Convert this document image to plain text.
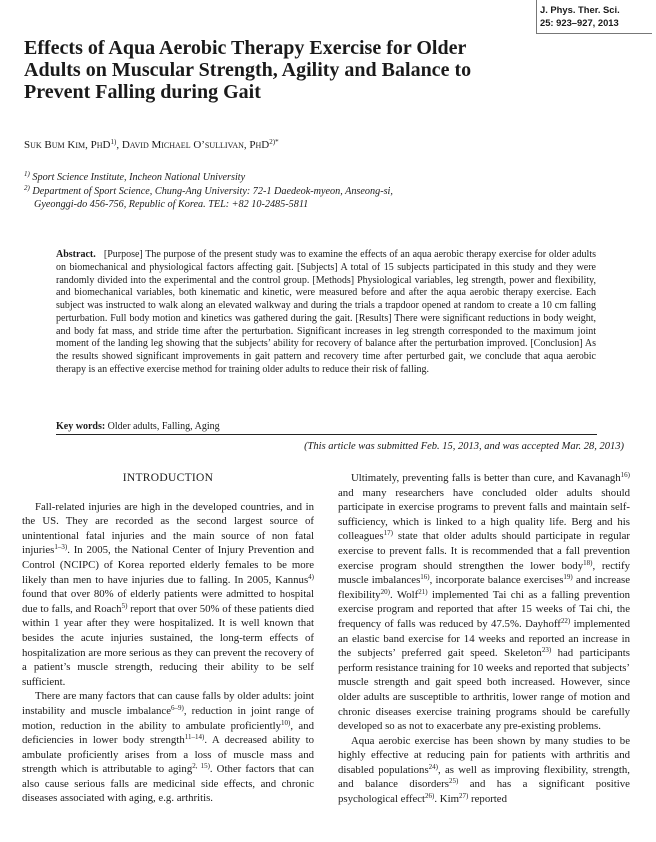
J. Phys. Ther. Sci.
25: 923–927, 2013
Effects of Aqua Aerobic Therapy Exercise for Older Adults on Muscular Strength, Agility and Balance to Prevent Falling during Gait
Suk Bum Kim, PhD$^{1)}$, David Michael O’sullivan, PhD$^{2)*}$
$^{1)}$ Sport Science Institute, Incheon National University
$^{2)}$ Department of Sport Science, Chung-Ang University: 72-1 Daedeok-myeon, Anseong-si,
Gyeonggi-do 456-756, Republic of Korea. TEL: +82 10-2485-5811
Abstract. [Purpose] The purpose of the present study was to examine the effects of an aqua aerobic therapy exercise for older adults on biomechanical and physiological factors affecting gait. [Subjects] A total of 15 subjects participated in this study and they were randomly divided into the experimental and the control group. [Methods] Physiological variables, leg strength, power and flexibility, and biomechanical variables, both kinematic and kinetic, were measured before and after the aqua aerobic therapy exercise. Each subject was instructed to walk along an elevated walkway and during the trials a trapdoor opened at random to create a 10 cm falling perturbation. Full body motion and kinetics was gathered during the gait. [Results] There were significant reductions in body weight, and body fat mass, and stride time after the perturbation. Significant increases in leg strength corresponded to the maximum joint moment of the landing leg showing that the subjects’ ability for recovery of balance after the perturbation improved. [Conclusion] As the results showed significant improvements in gait pattern and recovery time after perturbed gait, we conclude that aqua aerobic therapy is an effective exercise method for training older adults to reduce their risk of falling.
Key words: Older adults, Falling, Aging
(This article was submitted Feb. 15, 2013, and was accepted Mar. 28, 2013)
INTRODUCTION

Fall-related injuries are high in the developed countries, and in the US. They are recorded as the second largest source of unintentional fatal injuries and the main source of non fatal injuries$^{1-3)}$. In 2005, the National Center of Injury Prevention and Control (NCIPC) of Korea reported elderly females to be more likely than men to have injuries due to falling. In 2005, Kannus$^{4)}$ found that over 80% of elderly patients were admitted to hospital due to falls, and Roach$^{5)}$ report that over 50% of these patients died within 1 year after they were hospitalized. It is well known that besides the acute injuries sustained, the long-term effects of hospitalization are more serious as they can prevent the recovery of a patient’s muscle strength, reducing their ability to be self sufficient.

There are many factors that can cause falls by older adults: joint instability and muscle imbalance$^{6-9)}$, reduction in joint range of motion, reduction in the ability to ambulate proficiently$^{10)}$, and deficiencies in lower body strength$^{11-14)}$. A decreased ability to ambulate proficiently arises from a loss of muscle mass and strength which is attributable to aging$^{2, 15)}$. Other factors that can also cause serious falls are medicinal side effects, and chronic diseases associated with aging, e.g. arthritis.

Ultimately, preventing falls is better than cure, and Kavanagh$^{16)}$ and many researchers have concluded older adults should participate in exercise programs to prevent falls and maintain self-sufficiency, which is linked to a high quality life. Berg and his colleagues$^{17)}$ state that older adults should participate in regular exercise to prevent falls. It is recommended that a fall prevention exercise program should strengthen the lower body$^{18)}$, rectify muscle imbalances$^{16)}$, incorporate balance exercises$^{19)}$ and increase flexibility$^{20)}$. Wolf$^{21)}$ implemented Tai chi as a falling prevention exercise program and reported that after 15 weeks of Tai chi, the frequency of falls was reduced by 47.5%. Dayhoff$^{22)}$ implemented an elastic band exercise for 14 weeks and reported an increase in the subjects’ preferred gait speed. Skeleton$^{23)}$ had participants perform resistance training for 10 weeks and reported that subjects’ muscle strength and gait speed both increased. However, since older adults are susceptible to arthritis, lower range of motion and chronic diseases exercise training programs should be carefully developed so as not to exacerbate any pre-existing problems.

Aqua aerobic exercise has been shown by many studies to be highly effective at reducing pain for patients with arthritis and disabled populations$^{24)}$, as well as improving flexibility, strength, and balance disorders$^{25)}$ and has a significant positive psychological effect$^{26)}$. Kim$^{27)}$ reported
